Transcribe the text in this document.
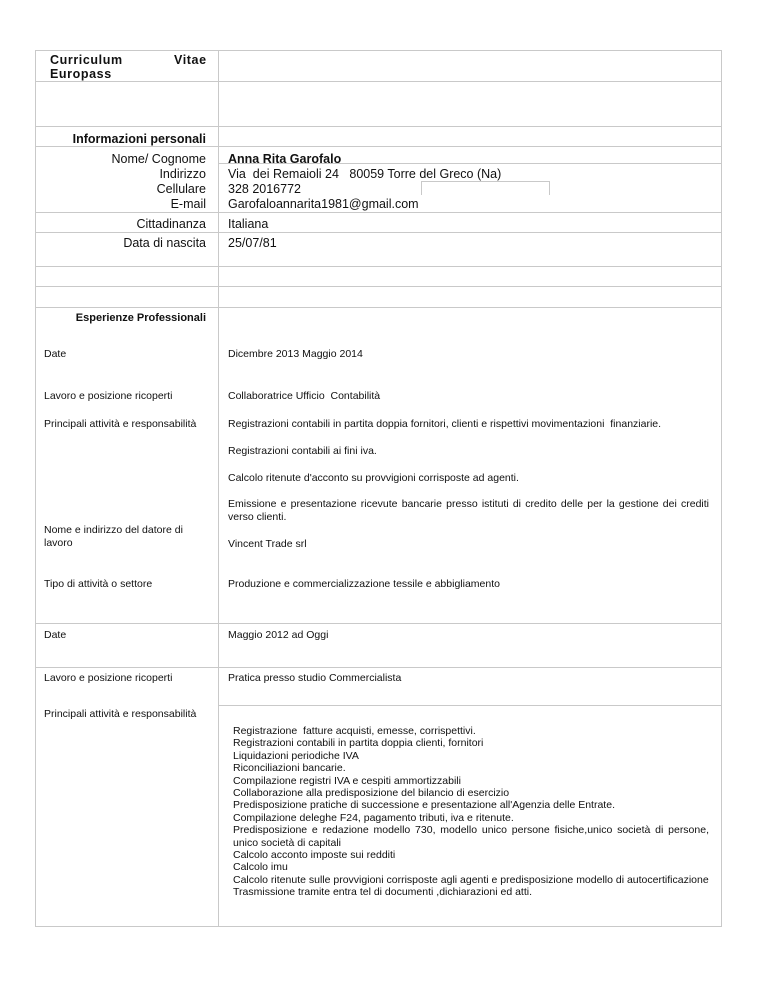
Curriculum	Vitae
Europass
Informazioni personali
Nome/ Cognome Anna Rita Garofalo
Indirizzo Via  dei Remaioli 24   80059 Torre del Greco (Na)
Cellulare 328 2016772
E-mail Garofaloannarita1981@gmail.com
Cittadinanza Italiana
Data di nascita 25/07/81
Esperienze Professionali
Date	Dicembre 2013 Maggio 2014
Lavoro e posizione ricoperti	Collaboratrice Ufficio  Contabilità
Principali attività e responsabilità	Registrazioni contabili in partita doppia fornitori, clienti e rispettivi movimentazioni  finanziarie.
Registrazioni contabili ai fini iva.
Calcolo ritenute d'acconto su provvigioni corrisposte ad agenti.
Emissione e presentazione ricevute bancarie presso istituti di credito delle per la gestione dei crediti verso clienti.
Nome e indirizzo del datore di lavoro	Vincent Trade srl
Tipo di attività o settore	Produzione e commercializzazione tessile e abbigliamento
Date	Maggio 2012 ad Oggi
Lavoro e posizione ricoperti	Pratica presso studio Commercialista
Principali attività e responsabilità
Registrazione  fatture acquisti, emesse, corrispettivi.
Registrazioni contabili in partita doppia clienti, fornitori
Liquidazioni periodiche IVA
Riconciliazioni bancarie.
Compilazione registri IVA e cespiti ammortizzabili
Collaborazione alla predisposizione del bilancio di esercizio
Predisposizione pratiche di successione e presentazione all'Agenzia delle Entrate.
Compilazione deleghe F24, pagamento tributi, iva e ritenute.
Predisposizione e redazione modello 730, modello unico persone fisiche,unico società di persone, unico società di capitali
Calcolo acconto imposte sui redditi
Calcolo imu
Calcolo ritenute sulle provvigioni corrisposte agli agenti e predisposizione modello di autocertificazione
Trasmissione tramite entra tel di documenti ,dichiarazioni ed atti.
